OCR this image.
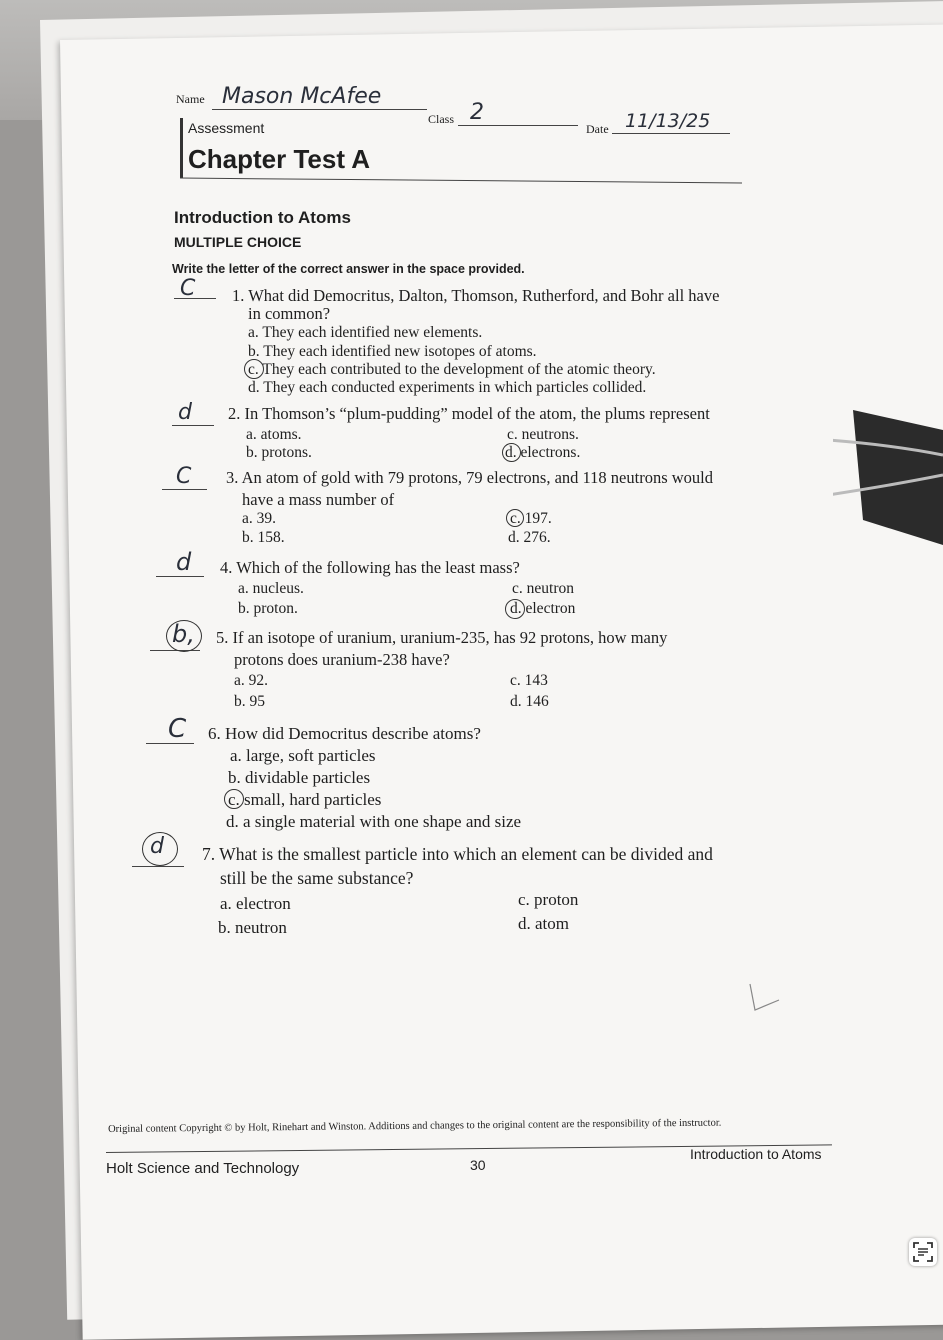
Name Mason McAfee
Class 2
Date 11/13/25
Assessment
Chapter Test A
Introduction to Atoms
MULTIPLE CHOICE
Write the letter of the correct answer in the space provided.
C 1. What did Democritus, Dalton, Thomson, Rutherford, and Bohr all have
in common?
a. They each identified new elements.
b. They each identified new isotopes of atoms.
c. They each contributed to the development of the atomic theory.
d. They each conducted experiments in which particles collided.
d 2. In Thomson’s “plum-pudding” model of the atom, the plums represent
a. atoms.	c. neutrons.
b. protons.	d. electrons.
C 3. An atom of gold with 79 protons, 79 electrons, and 118 neutrons would
have a mass number of
a. 39.	c. 197.
b. 158.	d. 276.
d 4. Which of the following has the least mass?
a. nucleus.	c. neutron
b. proton.	d. electron
b, 5. If an isotope of uranium, uranium-235, has 92 protons, how many
protons does uranium-238 have?
a. 92.	c. 143
b. 95	d. 146
C 6. How did Democritus describe atoms?
a. large, soft particles
b. dividable particles
c. small, hard particles
d. a single material with one shape and size
d 7. What is the smallest particle into which an element can be divided and
still be the same substance?
a. electron	c. proton
b. neutron	d. atom
Original content Copyright © by Holt, Rinehart and Winston. Additions and changes to the original content are the responsibility of the instructor.
Holt Science and Technology	30
Introduction to Atoms
